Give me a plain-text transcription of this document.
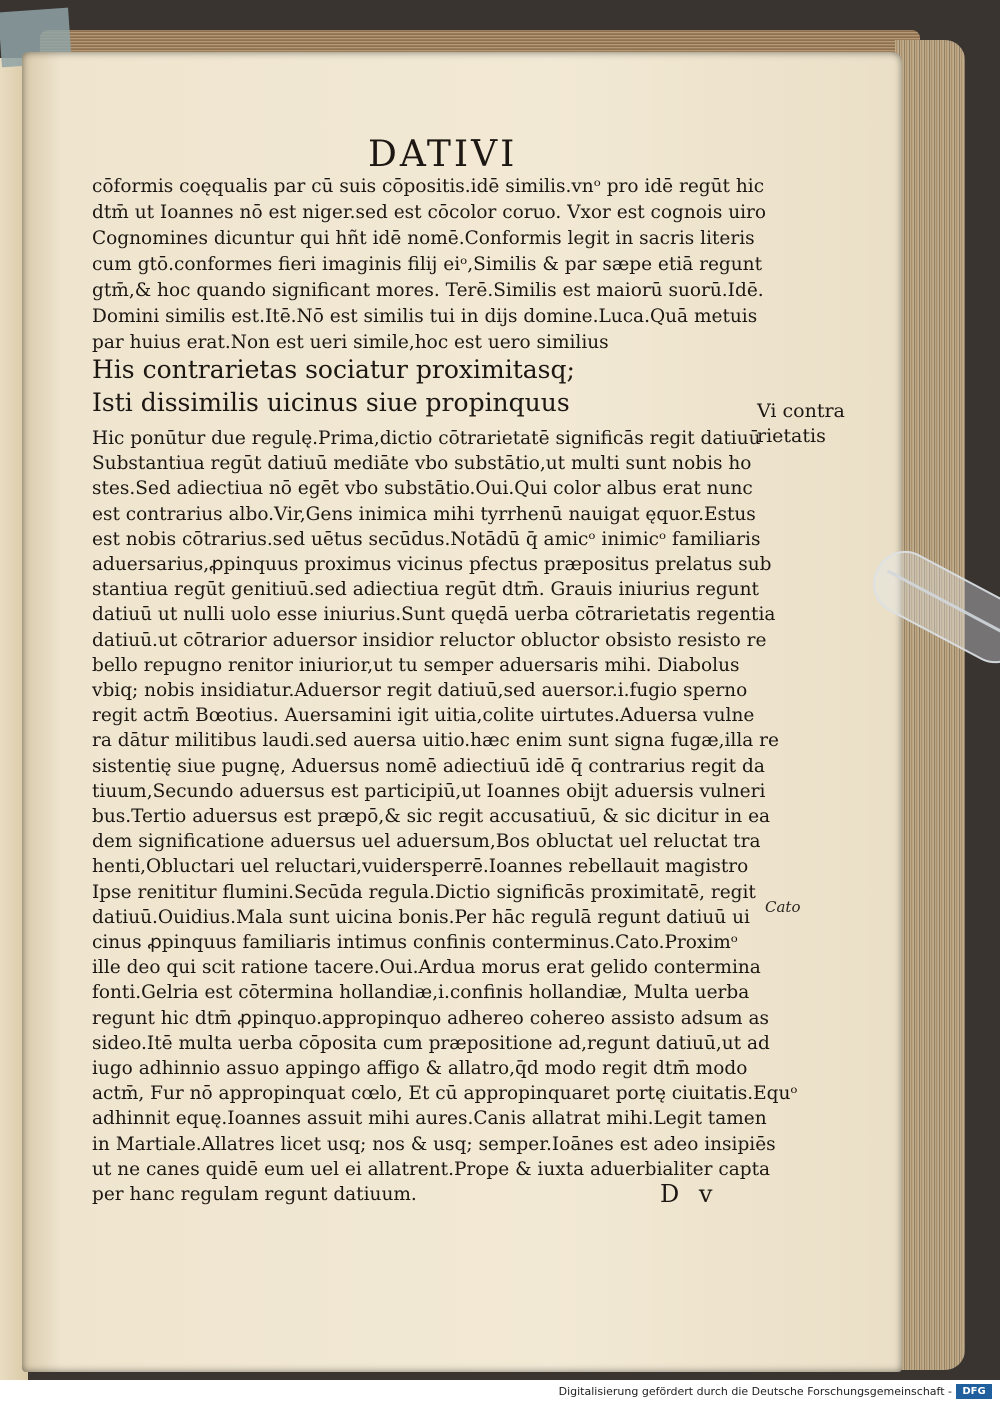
DATIVI
cōformis coęqualis par cū suis cōpositis.idē similis.vnᵒ pro idē regūt hic
dtm̄ ut Ioannes nō est niger.sed est cōcolor coruo. Vxor est cognois uiro
Cognomines dicuntur qui hñt idē nomē.Conformis legit in sacris literis
cum gtō.conformes fieri imaginis filij eiᵒ,Similis & par sæpe etiā regunt
gtm̄,& hoc quando significant mores. Terē.Similis est maiorū suorū.Idē.
Domini similis est.Itē.Nō est similis tui in dijs domine.Luca.Quā metuis
par huius erat.Non est ueri simile,hoc est uero similius
His contrarietas sociatur proximitasq;
Isti dissimilis uicinus siue propinquus
Hic ponūtur due regulę.Prima,dictio cōtrarietatē significās regit datiuū
Substantiua regūt datiuū mediāte vbo substātio,ut multi sunt nobis ho
stes.Sed adiectiua nō egēt vbo substātio.Oui.Qui color albus erat nunc
est contrarius albo.Vir,Gens inimica mihi tyrrhenū nauigat ęquor.Estus
est nobis cōtrarius.sed uētus secūdus.Notādū q̄ amicᵒ inimicᵒ familiaris
aduersarius,ꝓpinquus proximus vicinus pfectus præpositus prelatus sub
stantiua regūt genitiuū.sed adiectiua regūt dtm̄. Grauis iniurius regunt
datiuū ut nulli uolo esse iniurius.Sunt quędā uerba cōtrarietatis regentia
datiuū.ut cōtrarior aduersor insidior reluctor obluctor obsisto resisto re
bello repugno renitor iniurior,ut tu semper aduersaris mihi. Diabolus
vbiq; nobis insidiatur.Aduersor regit datiuū,sed auersor.i.fugio sperno
regit actm̄ Bœotius. Auersamini igit uitia,colite uirtutes.Aduersa vulne
ra dātur militibus laudi.sed auersa uitio.hæc enim sunt signa fugæ,illa re
sistentię siue pugnę, Aduersus nomē adiectiuū idē q̄ contrarius regit da
tiuum,Secundo aduersus est participiū,ut Ioannes obijt aduersis vulneri
bus.Tertio aduersus est præpō,& sic regit accusatiuū, & sic dicitur in ea
dem significatione aduersus uel aduersum,Bos obluctat uel reluctat tra
henti,Obluctari uel reluctari,vuidersperrē.Ioannes rebellauit magistro
Ipse renititur flumini.Secūda regula.Dictio significās proximitatē, regit
datiuū.Ouidius.Mala sunt uicina bonis.Per hāc regulā regunt datiuū ui
cinus ꝓpinquus familiaris intimus confinis conterminus.Cato.Proximᵒ
ille deo qui scit ratione tacere.Oui.Ardua morus erat gelido contermina
fonti.Gelria est cōtermina hollandiæ,i.confinis hollandiæ, Multa uerba
regunt hic dtm̄ ꝓpinquo.appropinquo adhereo cohereo assisto adsum as
sideo.Itē multa uerba cōposita cum præpositione ad,regunt datiuū,ut ad
iugo adhinnio assuo appingo affigo & allatro,q̄d modo regit dtm̄ modo
actm̄, Fur nō appropinquat cœlo, Et cū appropinquaret portę ciuitatis.Equᵒ
adhinnit equę.Ioannes assuit mihi aures.Canis allatrat mihi.Legit tamen
in Martiale.Allatres licet usq; nos & usq; semper.Ioānes est adeo insipiēs
ut ne canes quidē eum uel ei allatrent.Prope & iuxta aduerbialiter capta
per hanc regulam regunt datiuum.
Vi contra
rietatis
Cato
D v
Digitalisierung gefördert durch die Deutsche Forschungsgemeinschaft -	DFG
